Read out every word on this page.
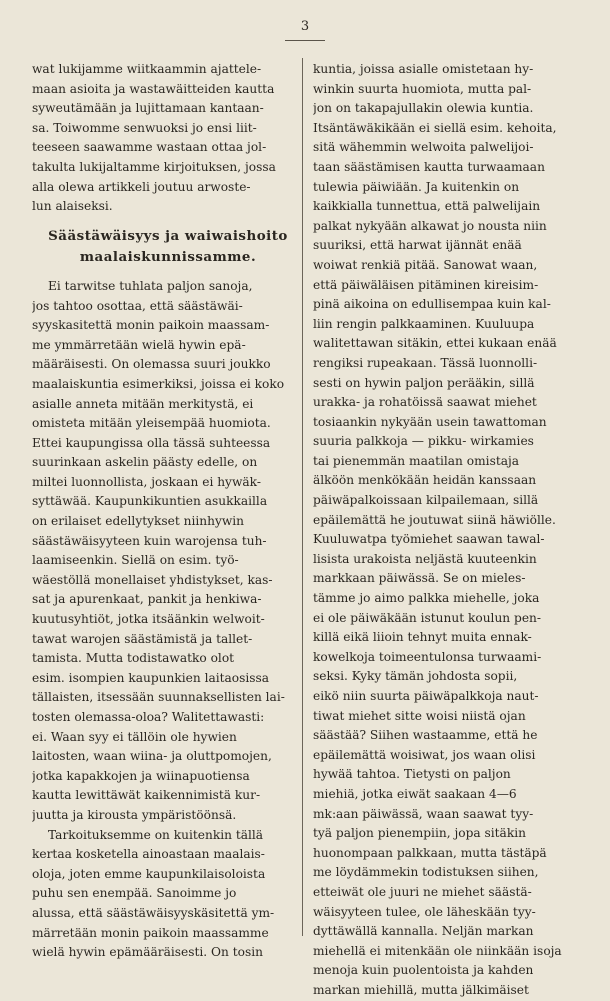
3

wat lukijamme wiitkaammin ajattele-

maan asioita ja wastawäitteiden kautta

syweutämään ja lujittamaan kantaan-

sa. Toiwomme senwuoksi jo ensi liit-

teeseen saawamme wastaan ottaa jol-

takulta lukijaltamme kirjoituksen, jossa

alla olewa artikkeli joutuu arwoste-

lun alaiseksi.

Säästäwäisyys ja waiwaishoito
maalaiskunnissamme.

Ei tarwitse tuhlata paljon sanoja,

jos tahtoo osottaa, että säästäwäi-

syyskasitettä monin paikoin maassam-

me ymmärretään wielä hywin epä-

määräisesti. On olemassa suuri joukko

maalaiskuntia esimerkiksi, joissa ei koko

asialle anneta mitään merkitystä, ei

omisteta mitään yleisempää huomiota.

Ettei kaupungissa olla tässä suhteessa

suurinkaan askelin päästy edelle, on

miltei luonnollista, joskaan ei hywäk-

syttäwää. Kaupunkikuntien asukkailla

on erilaiset edellytykset niinhywin

säästäwäisyyteen kuin warojensa tuh-

laamiseenkin. Siellä on esim. työ-

wäestöllä monellaiset yhdistykset, kas-

sat ja apurenkaat, pankit ja henkiwa-

kuutusyhtiöt, jotka itsäänkin welwoit-

tawat warojen säästämistä ja tallet-

tamista. Mutta todistawatko olot

esim. isompien kaupunkien laitaosissa

tällaisten, itsessään suunnaksellisten lai-

tosten olemassa-oloa? Walitettawasti:

ei. Waan syy ei tällöin ole hywien

laitosten, waan wiina- ja oluttpomojen,

jotka kapakkojen ja wiinapuotiensa

kautta lewittäwät kaikennimistä kur-

juutta ja kirousta ympäristöönsä.

Tarkoituksemme on kuitenkin tällä

kertaa kosketella ainoastaan maalais-

oloja, joten emme kaupunkilaisoloista

puhu sen enempää. Sanoimme jo

alussa, että säästäwäisyyskäsitettä ym-

märretään monin paikoin maassamme

wielä hywin epämääräisesti. On tosin

kuntia, joissa asialle omistetaan hy-

winkin suurta huomiota, mutta pal-

jon on takapajullakin olewia kuntia.

Itsäntäwäkikään ei siellä esim. kehoita,

sitä wähemmin welwoita palwelijoi-

taan säästämisen kautta turwaamaan

tulewia päiwiään. Ja kuitenkin on

kaikkialla tunnettua, että palwelijain

palkat nykyään alkawat jo nousta niin

suuriksi, että harwat ijännät enää

woiwat renkiä pitää. Sanowat waan,

että päiwäläisen pitäminen kireisim-

pinä aikoina on edullisempaa kuin kal-

liin rengin palkkaaminen. Kuuluupa

walitettawan sitäkin, ettei kukaan enää

rengiksi rupeakaan. Tässä luonnolli-

sesti on hywin paljon perääkin, sillä

urakka- ja rohatöissä saawat miehet

tosiaankin nykyään usein tawattoman

suuria palkkoja — pikku- wirkamies

tai pienemmän maatilan omistaja

älköön menkökään heidän kanssaan

päiwäpalkoissaan kilpailemaan, sillä

epäilemättä he joutuwat siinä häwiölle.

Kuuluwatpa työmiehet saawan tawal-

lisista urakoista neljästä kuuteenkin

markkaan päiwässä. Se on mieles-

tämme jo aimo palkka miehelle, joka

ei ole päiwäkään istunut koulun pen-

killä eikä liioin tehnyt muita ennak-

kowelkoja toimeentulonsa turwaami-

seksi. Kyky tämän johdosta sopii,

eikö niin suurta päiwäpalkkoja naut-

tiwat miehet sitte woisi niistä ojan

säästää? Siihen wastaamme, että he

epäilemättä woisiwat, jos waan olisi

hywää tahtoa. Tietysti on paljon

miehiä, jotka eiwät saakaan 4—6

mk:aan päiwässä, waan saawat tyy-

tyä paljon pienempiin, jopa sitäkin

huonompaan palkkaan, mutta tästäpä

me löydämmekin todistuksen siihen,

etteiwät ole juuri ne miehet säästä-

wäisyyteen tulee, ole läheskään tyy-

dyttäwällä kannalla. Neljän markan

miehellä ei mitenkään ole niinkään isoja

menoja kuin puolentoista ja kahden

markan miehillä, mutta jälkimäiset
